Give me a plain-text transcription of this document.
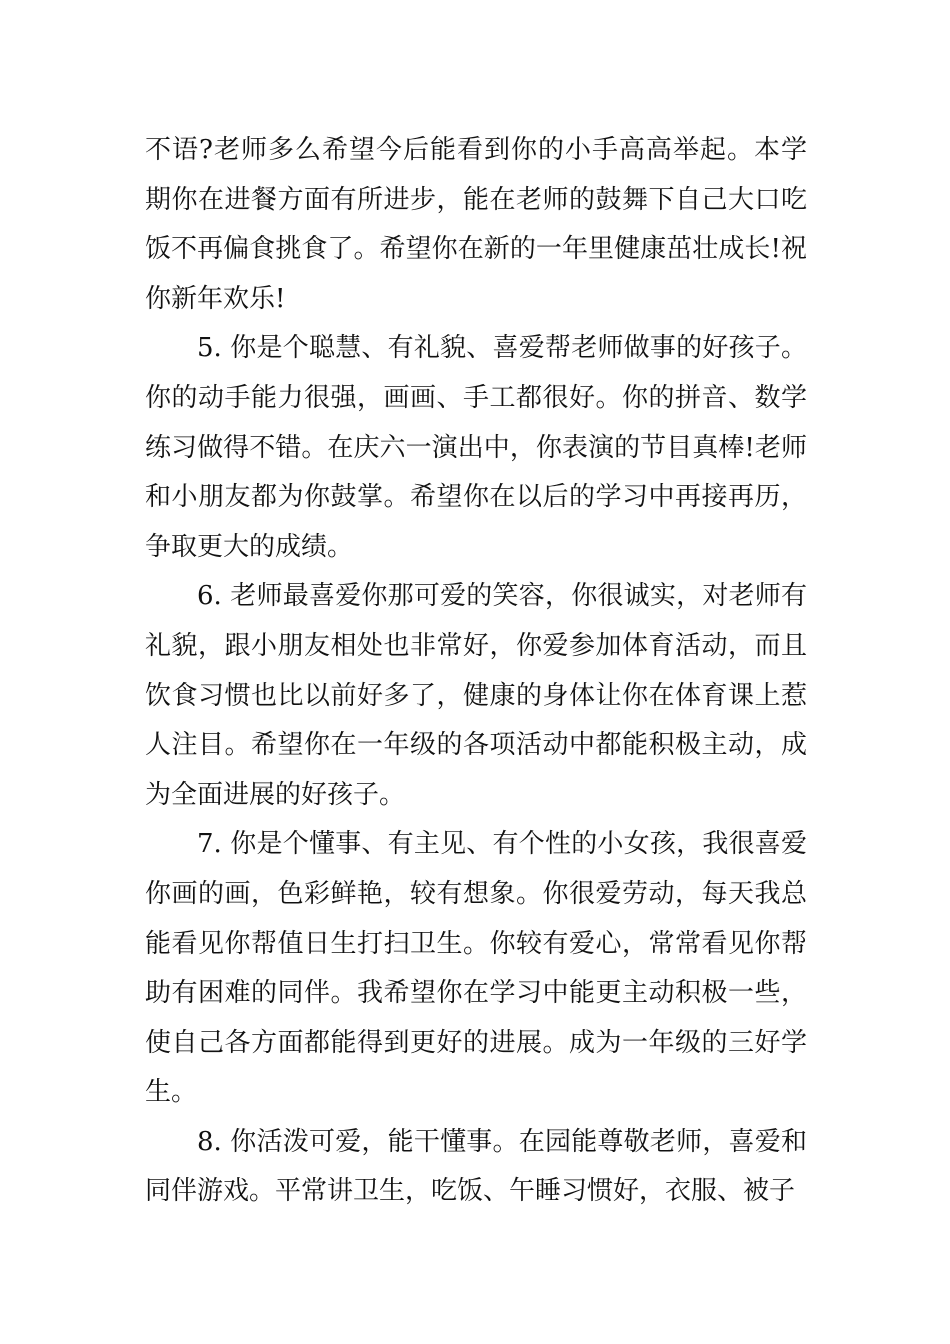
不语?老师多么希望今后能看到你的小手高高举起。本学期你在进餐方面有所进步，能在老师的鼓舞下自己大口吃饭不再偏食挑食了。希望你在新的一年里健康茁壮成长!祝你新年欢乐!

5. 你是个聪慧、有礼貌、喜爱帮老师做事的好孩子。你的动手能力很强，画画、手工都很好。你的拼音、数学练习做得不错。在庆六一演出中，你表演的节目真棒!老师和小朋友都为你鼓掌。希望你在以后的学习中再接再历，争取更大的成绩。

6. 老师最喜爱你那可爱的笑容，你很诚实，对老师有礼貌，跟小朋友相处也非常好，你爱参加体育活动，而且饮食习惯也比以前好多了，健康的身体让你在体育课上惹人注目。希望你在一年级的各项活动中都能积极主动，成为全面进展的好孩子。

7. 你是个懂事、有主见、有个性的小女孩，我很喜爱你画的画，色彩鲜艳，较有想象。你很爱劳动，每天我总能看见你帮值日生打扫卫生。你较有爱心，常常看见你帮助有困难的同伴。我希望你在学习中能更主动积极一些，使自己各方面都能得到更好的进展。成为一年级的三好学生。

8. 你活泼可爱，能干懂事。在园能尊敬老师，喜爱和同伴游戏。平常讲卫生，吃饭、午睡习惯好，衣服、被子
